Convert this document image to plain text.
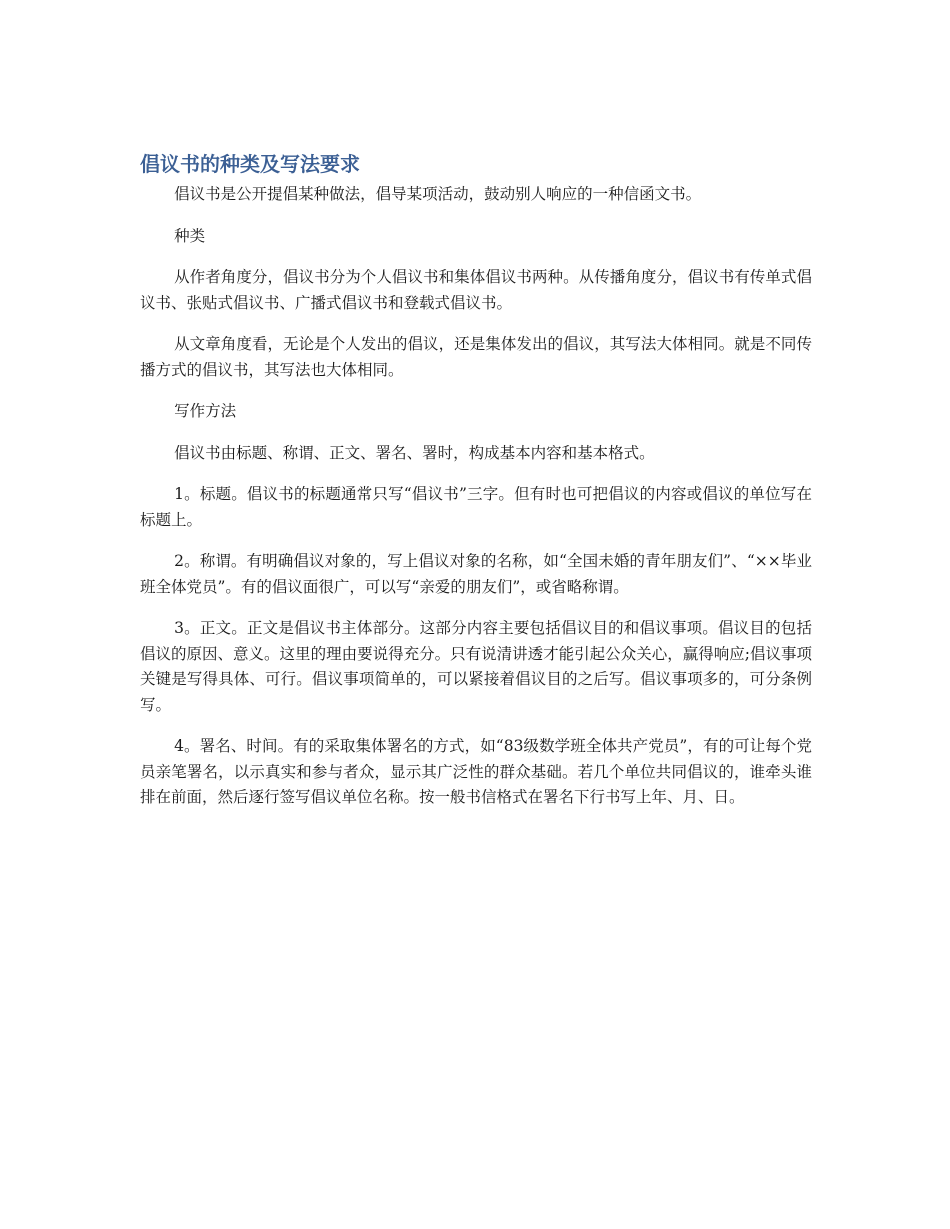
倡议书的种类及写法要求

倡议书是公开提倡某种做法，倡导某项活动，鼓动别人响应的一种信函文书。

种类

从作者角度分，倡议书分为个人倡议书和集体倡议书两种。从传播角度分，倡议书有传单式倡议书、张贴式倡议书、广播式倡议书和登载式倡议书。

从文章角度看，无论是个人发出的倡议，还是集体发出的倡议，其写法大体相同。就是不同传播方式的倡议书，其写法也大体相同。

写作方法

倡议书由标题、称谓、正文、署名、署时，构成基本内容和基本格式。

1。标题。倡议书的标题通常只写“倡议书”三字。但有时也可把倡议的内容或倡议的单位写在标题上。

2。称谓。有明确倡议对象的，写上倡议对象的名称，如“全国未婚的青年朋友们”、“××毕业班全体党员”。有的倡议面很广，可以写“亲爱的朋友们”，或省略称谓。

3。正文。正文是倡议书主体部分。这部分内容主要包括倡议目的和倡议事项。倡议目的包括倡议的原因、意义。这里的理由要说得充分。只有说清讲透才能引起公众关心，赢得响应;倡议事项关键是写得具体、可行。倡议事项简单的，可以紧接着倡议目的之后写。倡议事项多的，可分条例写。

4。署名、时间。有的采取集体署名的方式，如“83级数学班全体共产党员”，有的可让每个党员亲笔署名，以示真实和参与者众，显示其广泛性的群众基础。若几个单位共同倡议的，谁牵头谁排在前面，然后逐行签写倡议单位名称。按一般书信格式在署名下行书写上年、月、日。
